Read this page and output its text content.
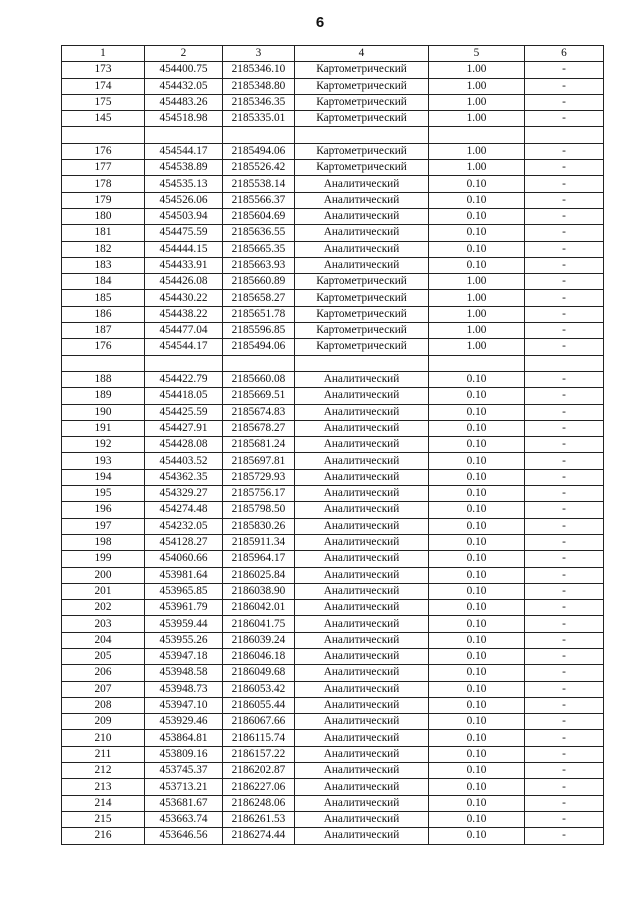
6
1	2	3	4	5	6
173	454400.75	2185346.10	Картометрический	1.00	-
174	454432.05	2185348.80	Картометрический	1.00	-
175	454483.26	2185346.35	Картометрический	1.00	-
145	454518.98	2185335.01	Картометрический	1.00	-

176	454544.17	2185494.06	Картометрический	1.00	-
177	454538.89	2185526.42	Картометрический	1.00	-
178	454535.13	2185538.14	Аналитический	0.10	-
179	454526.06	2185566.37	Аналитический	0.10	-
180	454503.94	2185604.69	Аналитический	0.10	-
181	454475.59	2185636.55	Аналитический	0.10	-
182	454444.15	2185665.35	Аналитический	0.10	-
183	454433.91	2185663.93	Аналитический	0.10	-
184	454426.08	2185660.89	Картометрический	1.00	-
185	454430.22	2185658.27	Картометрический	1.00	-
186	454438.22	2185651.78	Картометрический	1.00	-
187	454477.04	2185596.85	Картометрический	1.00	-
176	454544.17	2185494.06	Картометрический	1.00	-

188	454422.79	2185660.08	Аналитический	0.10	-
189	454418.05	2185669.51	Аналитический	0.10	-
190	454425.59	2185674.83	Аналитический	0.10	-
191	454427.91	2185678.27	Аналитический	0.10	-
192	454428.08	2185681.24	Аналитический	0.10	-
193	454403.52	2185697.81	Аналитический	0.10	-
194	454362.35	2185729.93	Аналитический	0.10	-
195	454329.27	2185756.17	Аналитический	0.10	-
196	454274.48	2185798.50	Аналитический	0.10	-
197	454232.05	2185830.26	Аналитический	0.10	-
198	454128.27	2185911.34	Аналитический	0.10	-
199	454060.66	2185964.17	Аналитический	0.10	-
200	453981.64	2186025.84	Аналитический	0.10	-
201	453965.85	2186038.90	Аналитический	0.10	-
202	453961.79	2186042.01	Аналитический	0.10	-
203	453959.44	2186041.75	Аналитический	0.10	-
204	453955.26	2186039.24	Аналитический	0.10	-
205	453947.18	2186046.18	Аналитический	0.10	-
206	453948.58	2186049.68	Аналитический	0.10	-
207	453948.73	2186053.42	Аналитический	0.10	-
208	453947.10	2186055.44	Аналитический	0.10	-
209	453929.46	2186067.66	Аналитический	0.10	-
210	453864.81	2186115.74	Аналитический	0.10	-
211	453809.16	2186157.22	Аналитический	0.10	-
212	453745.37	2186202.87	Аналитический	0.10	-
213	453713.21	2186227.06	Аналитический	0.10	-
214	453681.67	2186248.06	Аналитический	0.10	-
215	453663.74	2186261.53	Аналитический	0.10	-
216	453646.56	2186274.44	Аналитический	0.10	-
